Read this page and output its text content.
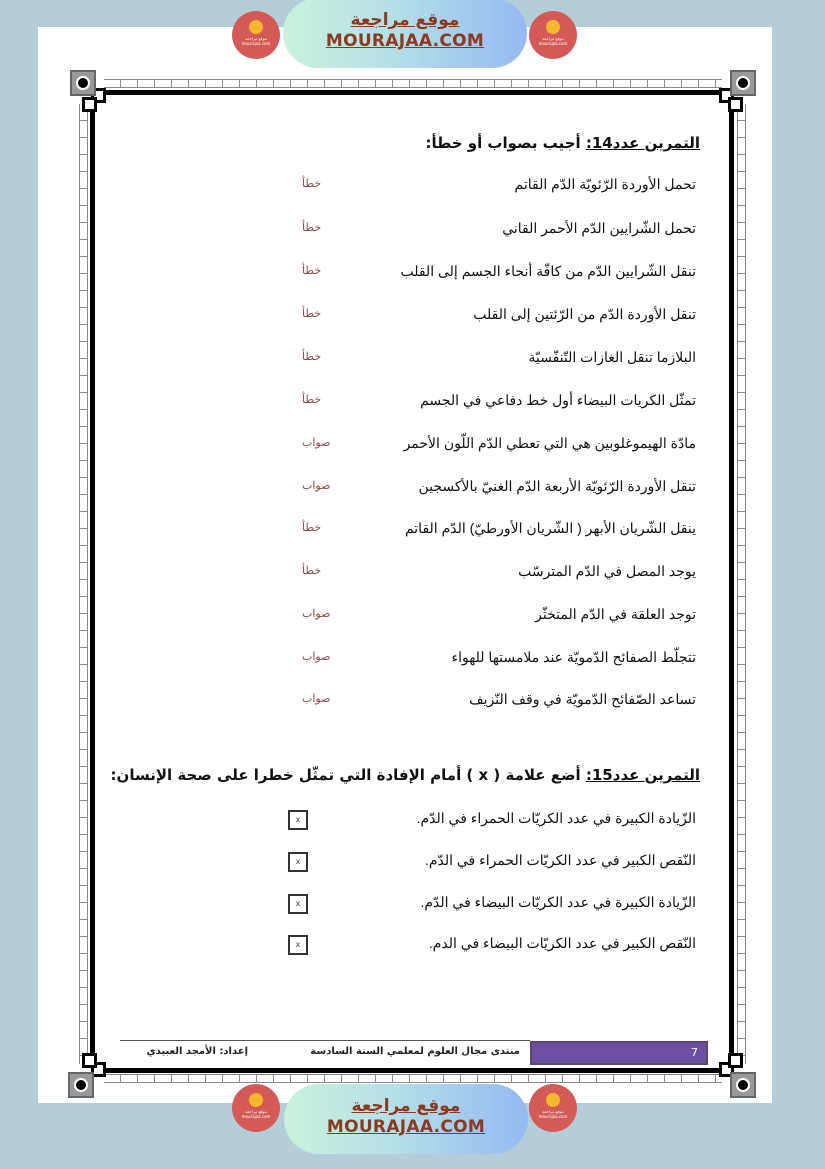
موقع مراجعة
mourajaa.com
موقع مراجعة
MOURAJAA.COM	موقع مراجعة
mourajaa.com
التمرين عدد14: أجيب بصواب أو خطأ:
تحمل الأوردة الرّئويّة الدّم القاتم
خطأ
تحمل الشّرايين الدّم الأحمر القاني
خطأ
تنقل الشّرايين الدّم من كافّة أنحاء الجسم إلى القلب
خطأ
تنقل الأوردة الدّم من الرّئتين إلى القلب
خطأ
البلازما تنقل الغازات التّنفّسيّة
خطأ
تمثّل الكريات البيضاء أول خط دفاعي في الجسم
خطأ
مادّة الهيموغلوبين هي التي تعطي الدّم اللّون الأحمر
صواب
تنقل الأوردة الرّئويّة الأربعة الدّم الغنيّ بالأكسجين
صواب
ينقل الشّريان الأبهر ( الشّريان الأورطيّ) الدّم القاتم
خطأ
يوجد المصل في الدّم المترسّب
خطأ
توجد العلقة في الدّم المتخثّر
صواب
تتجلّط الصفائح الدّمويّة عند ملامستها للهواء
صواب
تساعد الصّفائح الدّمويّة في وقف النّزيف
صواب
التمرين عدد15: أضع علامة ( x ) أمام الإفادة التي تمثّل خطرا على صحة الإنسان:
الزّيادة الكبيرة في عدد الكريّات الحمراء في الدّم.
x
النّقص الكبير في عدد الكريّات الحمراء في الدّم.
x
الزّيادة الكبيرة في عدد الكريّات البيضاء في الدّم.
x
النّقص الكبير في عدد الكريّات البيضاء في الدم.
x
7
منتدى مجال العلوم لمعلمي السنة السادسة
إعداد: الأمجد العبيدي
موقع مراجعة
mourajaa.com
موقع مراجعة
MOURAJAA.COM
موقع مراجعة
mourajaa.com
